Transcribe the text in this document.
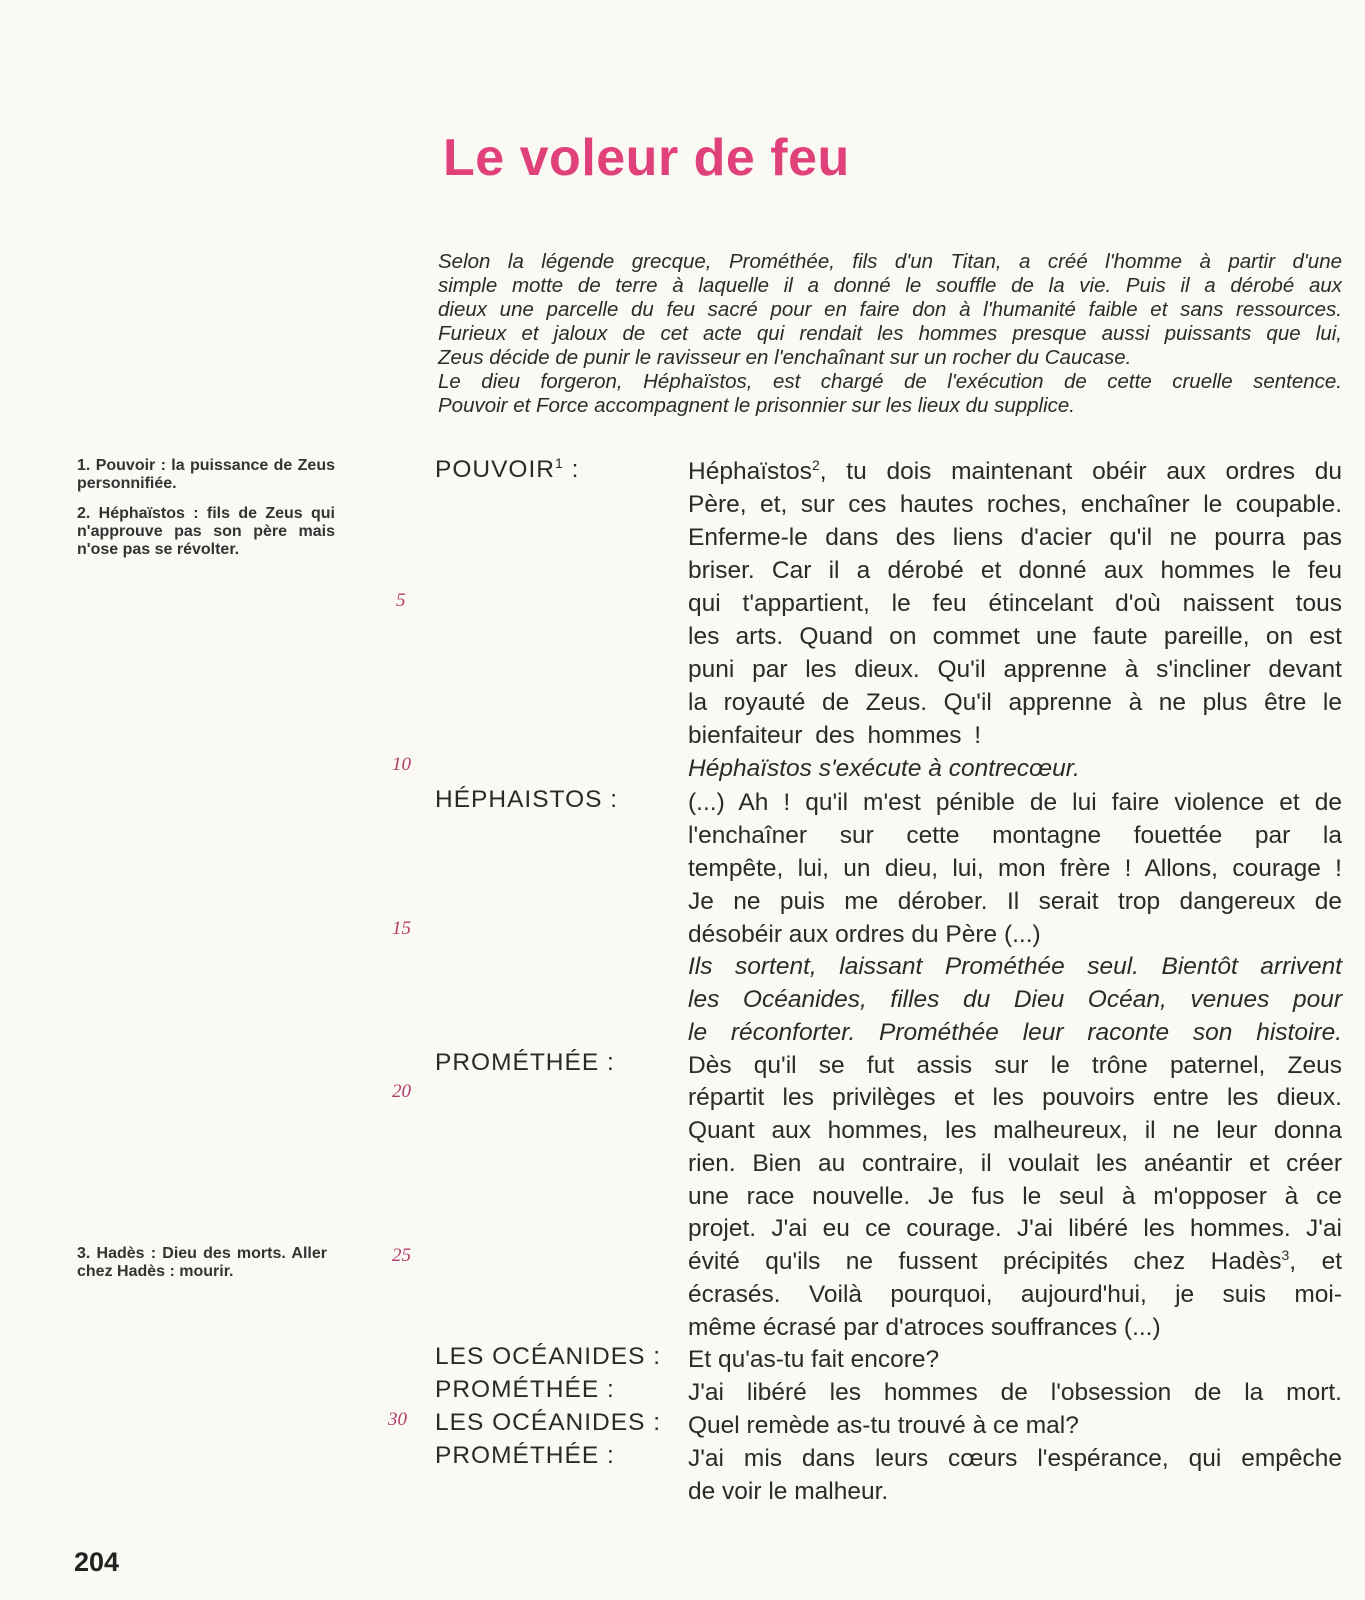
Le voleur de feu
Selon la légende grecque, Prométhée, fils d'un Titan, a créé l'homme à partir d'une
simple motte de terre à laquelle il a donné le souffle de la vie. Puis il a dérobé aux
dieux une parcelle du feu sacré pour en faire don à l'humanité faible et sans ressources.
Furieux et jaloux de cet acte qui rendait les hommes presque aussi puissants que lui,
Zeus décide de punir le ravisseur en l'enchaînant sur un rocher du Caucase.
Le dieu forgeron, Héphaïstos, est chargé de l'exécution de cette cruelle sentence.
Pouvoir et Force accompagnent le prisonnier sur les lieux du supplice.
1. Pouvoir : la puissance de Zeus personnifiée.
2. Héphaïstos : fils de Zeus qui n'approuve pas son père mais n'ose pas se révolter.
3. Hadès : Dieu des morts. Aller chez Hadès : mourir.
POUVOIR$^1$ :
HÉPHAISTOS :
PROMÉTHÉE :
LES OCÉANIDES :
PROMÉTHÉE :
LES OCÉANIDES :
PROMÉTHÉE :
5
10
15
20
25
30
Héphaïstos$^2$, tu dois maintenant obéir aux ordres du
Père, et, sur ces hautes roches, enchaîner le coupable.
Enferme-le dans des liens d'acier qu'il ne pourra pas
briser. Car il a dérobé et donné aux hommes le feu
qui t'appartient, le feu étincelant d'où naissent tous
les arts. Quand on commet une faute pareille, on est
puni par les dieux. Qu'il apprenne à s'incliner devant
la royauté de Zeus. Qu'il apprenne à ne plus être le
bienfaiteur des hommes !
Héphaïstos s'exécute à contrecœur.
(...) Ah ! qu'il m'est pénible de lui faire violence et de
l'enchaîner sur cette montagne fouettée par la
tempête, lui, un dieu, lui, mon frère ! Allons, courage !
Je ne puis me dérober. Il serait trop dangereux de
désobéir aux ordres du Père (...)
Ils sortent, laissant Prométhée seul. Bientôt arrivent
les Océanides, filles du Dieu Océan, venues pour
le réconforter. Prométhée leur raconte son histoire.
Dès qu'il se fut assis sur le trône paternel, Zeus
répartit les privilèges et les pouvoirs entre les dieux.
Quant aux hommes, les malheureux, il ne leur donna
rien. Bien au contraire, il voulait les anéantir et créer
une race nouvelle. Je fus le seul à m'opposer à ce
projet. J'ai eu ce courage. J'ai libéré les hommes. J'ai
évité qu'ils ne fussent précipités chez Hadès$^3$, et
écrasés. Voilà pourquoi, aujourd'hui, je suis moi-
même écrasé par d'atroces souffrances (...)
Et qu'as-tu fait encore?
J'ai libéré les hommes de l'obsession de la mort.
Quel remède as-tu trouvé à ce mal?
J'ai mis dans leurs cœurs l'espérance, qui empêche
de voir le malheur.
204
